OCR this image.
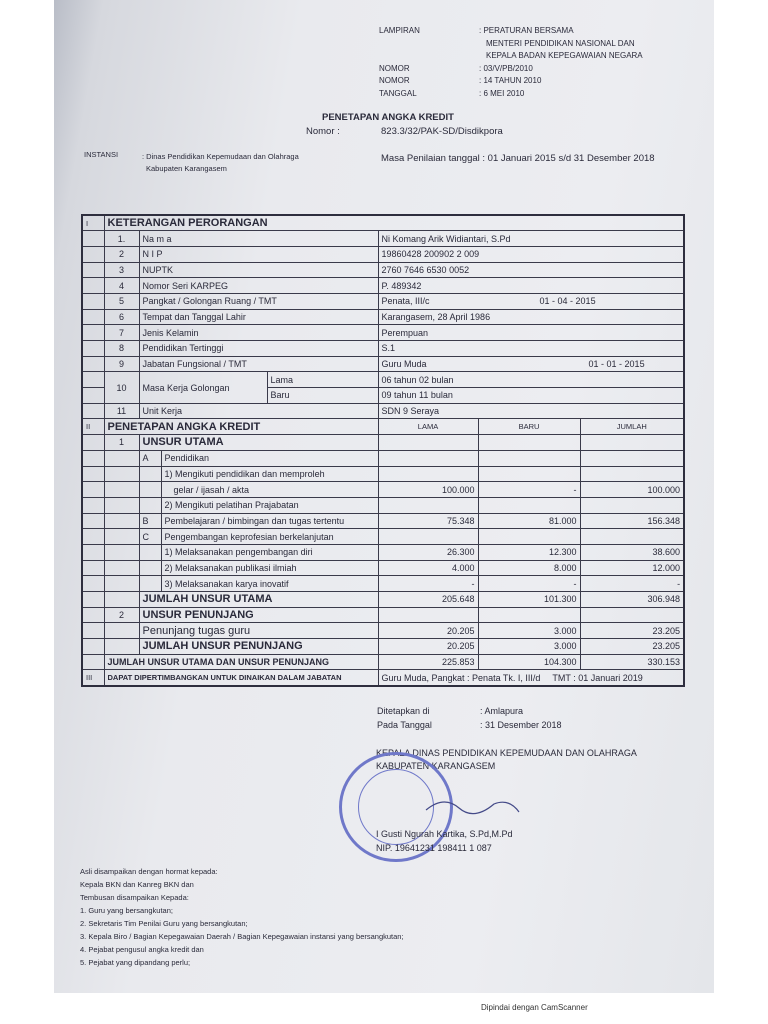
LAMPIRAN	: PERATURAN BERSAMA
MENTERI PENDIDIKAN NASIONAL DAN
KEPALA BADAN KEPEGAWAIAN NEGARA
NOMOR	: 03/V/PB/2010
NOMOR	: 14 TAHUN 2010
TANGGAL	: 6 MEI 2010
PENETAPAN ANGKA KREDIT
Nomor :	823.3/32/PAK-SD/Disdikpora
INSTANSI	: Dinas Pendidikan Kepemudaan dan Olahraga
Kabupaten Karangasem
Masa Penilaian tanggal : 01 Januari 2015 s/d 31 Desember 2018
I	KETERANGAN PERORANGAN						
	1.	Na m a			Ni Komang Arik Widiantari, S.Pd		
	2	N I P			19860428 200902 2 009		
	3	NUPTK			2760 7646 6530 0052		
	4	Nomor Seri KARPEG			P. 489342		
	5	Pangkat / Golongan Ruang / TMT			Penata, III/c 01 - 04 - 2015		
	6	Tempat dan Tanggal Lahir			Karangasem, 28 April 1986		
	7	Jenis Kelamin			Perempuan		
	8	Pendidikan Tertinggi			S.1		
	9	Jabatan Fungsional / TMT			Guru Muda 01 - 01 - 2015		
	10	Masa Kerja Golongan		Lama	06 tahun 02 bulan		
				Baru	09 tahun 11 bulan		
	11	Unit Kerja			SDN 9 Seraya		
II	PENETAPAN ANGKA KREDIT				LAMA	BARU	JUMLAH
	1	UNSUR UTAMA					
		A	Pendidikan				
			1) Mengikuti pendidikan dan memproleh				
			gelar / ijasah / akta		100.000	-	100.000
			2) Mengikuti pelatihan Prajabatan				
		B	Pembelajaran / bimbingan dan tugas tertentu		75.348	81.000	156.348
		C	Pengembangan keprofesian berkelanjutan				
			1) Melaksanakan pengembangan diri		26.300	12.300	38.600
			2) Melaksanakan publikasi ilmiah		4.000	8.000	12.000
			3) Melaksanakan karya inovatif		-	-	-
		JUMLAH UNSUR UTAMA			205.648	101.300	306.948
	2	UNSUR PENUNJANG					
		Penunjang tugas guru			20.205	3.000	23.205
		JUMLAH UNSUR PENUNJANG			20.205	3.000	23.205
	JUMLAH UNSUR UTAMA DAN UNSUR PENUNJANG				225.853	104.300	330.153
III	DAPAT DIPERTIMBANGKAN UNTUK DINAIKAN DALAM JABATAN				Guru Muda, Pangkat : Penata Tk. I, III/d TMT : 01 Januari 2019		
Ditetapkan di	: Amlapura
Pada Tanggal	: 31 Desember 2018
KEPALA DINAS PENDIDIKAN KEPEMUDAAN DAN OLAHRAGA
KABUPATEN KARANGASEM
I Gusti Ngurah Kartika, S.Pd,M.Pd
NIP. 19641231 198411 1 087
Asli disampaikan dengan hormat kepada:
Kepala BKN dan Kanreg BKN dan
Tembusan disampaikan Kepada:
1. Guru yang bersangkutan;
2. Sekretaris Tim Penilai Guru yang bersangkutan;
3. Kepala Biro / Bagian Kepegawaian Daerah / Bagian Kepegawaian instansi yang bersangkutan;
4. Pejabat pengusul angka kredit dan
5. Pejabat yang dipandang perlu;
Dipindai dengan CamScanner
